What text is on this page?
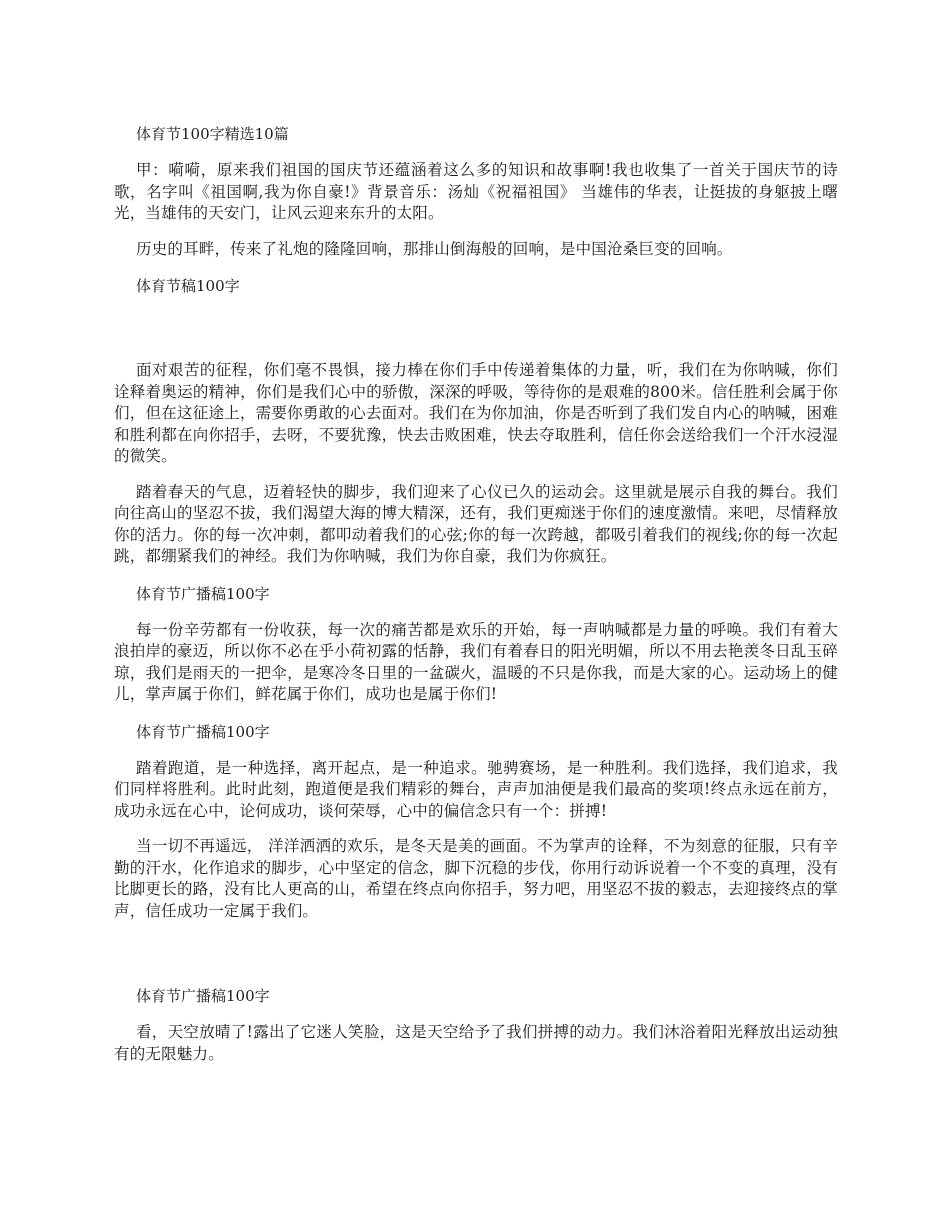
体育节100字精选10篇

甲：嗬嗬，原来我们祖国的国庆节还蕴涵着这么多的知识和故事啊!我也收集了一首关于国庆节的诗歌，名字叫《祖国啊,我为你自豪!》背景音乐：汤灿《祝福祖国》 当雄伟的华表，让挺拔的身躯披上曙光，当雄伟的天安门，让风云迎来东升的太阳。

历史的耳畔，传来了礼炮的隆隆回响，那排山倒海般的回响，是中国沧桑巨变的回响。

体育节稿100字

面对艰苦的征程，你们毫不畏惧，接力棒在你们手中传递着集体的力量，听，我们在为你呐喊，你们诠释着奥运的精神，你们是我们心中的骄傲，深深的呼吸，等待你的是艰难的800米。信任胜利会属于你们，但在这征途上，需要你勇敢的心去面对。我们在为你加油，你是否听到了我们发自内心的呐喊，困难和胜利都在向你招手，去呀，不要犹豫，快去击败困难，快去夺取胜利，信任你会送给我们一个汗水浸湿的微笑。

踏着春天的气息，迈着轻快的脚步，我们迎来了心仪已久的运动会。这里就是展示自我的舞台。我们向往高山的坚忍不拔，我们渴望大海的博大精深，还有，我们更痴迷于你们的速度激情。来吧，尽情释放你的活力。你的每一次冲刺，都叩动着我们的心弦;你的每一次跨越，都吸引着我们的视线;你的每一次起跳，都绷紧我们的神经。我们为你呐喊，我们为你自豪，我们为你疯狂。

体育节广播稿100字

每一份辛劳都有一份收获，每一次的痛苦都是欢乐的开始，每一声呐喊都是力量的呼唤。我们有着大浪拍岸的豪迈，所以你不必在乎小荷初露的恬静，我们有着春日的阳光明媚，所以不用去艳羡冬日乱玉碎琼，我们是雨天的一把伞，是寒冷冬日里的一盆碳火，温暖的不只是你我，而是大家的心。运动场上的健儿，掌声属于你们，鲜花属于你们，成功也是属于你们!

体育节广播稿100字

踏着跑道，是一种选择，离开起点，是一种追求。驰骋赛场，是一种胜利。我们选择，我们追求，我们同样将胜利。此时此刻，跑道便是我们精彩的舞台，声声加油便是我们最高的奖项!终点永远在前方，成功永远在心中，论何成功，谈何荣辱，心中的偏信念只有一个：拼搏!

当一切不再遥远， 洋洋洒洒的欢乐，是冬天是美的画面。不为掌声的诠释，不为刻意的征服，只有辛勤的汗水，化作追求的脚步，心中坚定的信念，脚下沉稳的步伐，你用行动诉说着一个不变的真理，没有比脚更长的路，没有比人更高的山，希望在终点向你招手，努力吧，用坚忍不拔的毅志，去迎接终点的掌声，信任成功一定属于我们。

体育节广播稿100字

看，天空放晴了!露出了它迷人笑脸，这是天空给予了我们拼搏的动力。我们沐浴着阳光释放出运动独有的无限魅力。
